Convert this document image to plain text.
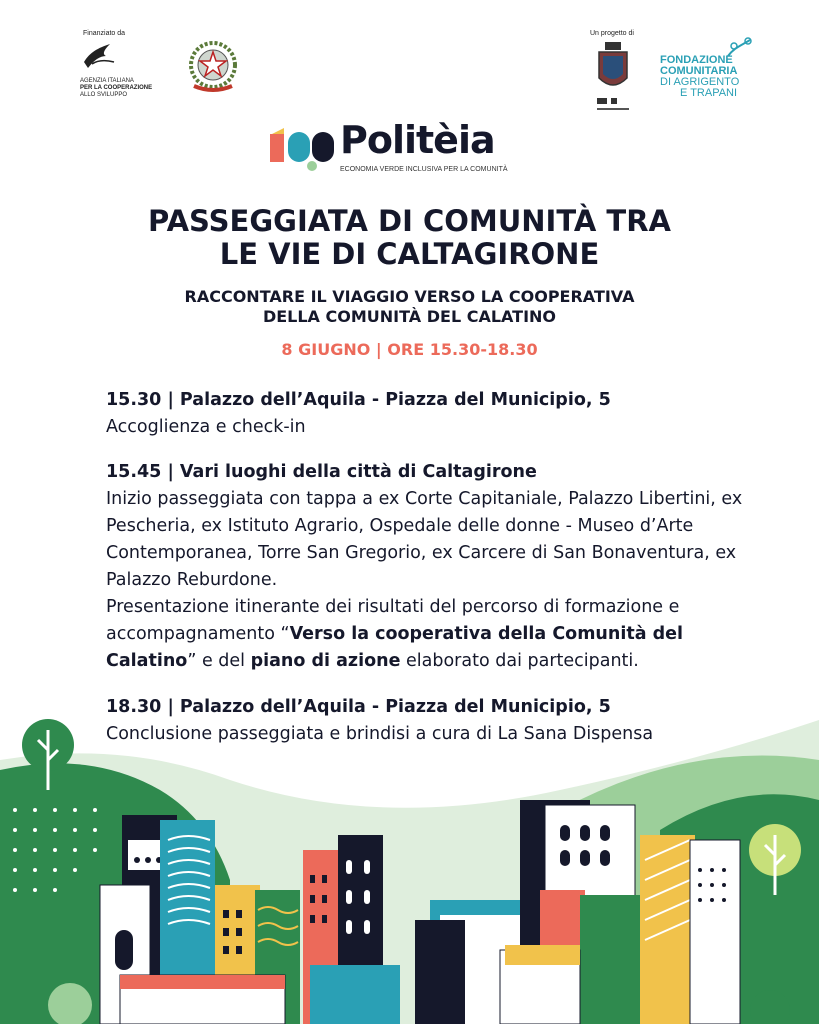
Finanziato da
AGENZIA ITALIANA
PER LA COOPERAZIONE
ALLO SVILUPPO
Un progetto di
FONDAZIONE
COMUNITARIA
DI AGRIGENTO
E TRAPANI
Politèia
ECONOMIA VERDE INCLUSIVA PER LA COMUNITÀ
PASSEGGIATA DI COMUNITÀ TRA
LE VIE DI CALTAGIRONE
RACCONTARE IL VIAGGIO VERSO LA COOPERATIVA
DELLA COMUNITÀ DEL CALATINO
8 GIUGNO | ORE 15.30-18.30

15.30 | Palazzo dell’Aquila - Piazza del Municipio, 5

Accoglienza e check-in

15.45 | Vari luoghi della città di Caltagirone

Inizio passeggiata con tappa a ex Corte Capitaniale, Palazzo Libertini, ex Pescheria, ex Istituto Agrario, Ospedale delle donne - Museo d’Arte Contemporanea, Torre San Gregorio, ex Carcere di San Bonaventura, ex Palazzo Reburdone.

Presentazione itinerante dei risultati del percorso di formazione e accompagnamento “Verso la cooperativa della Comunità del Calatino” e del piano di azione elaborato dai partecipanti.

18.30 | Palazzo dell’Aquila - Piazza del Municipio, 5

Conclusione passeggiata e brindisi a cura di La Sana Dispensa
